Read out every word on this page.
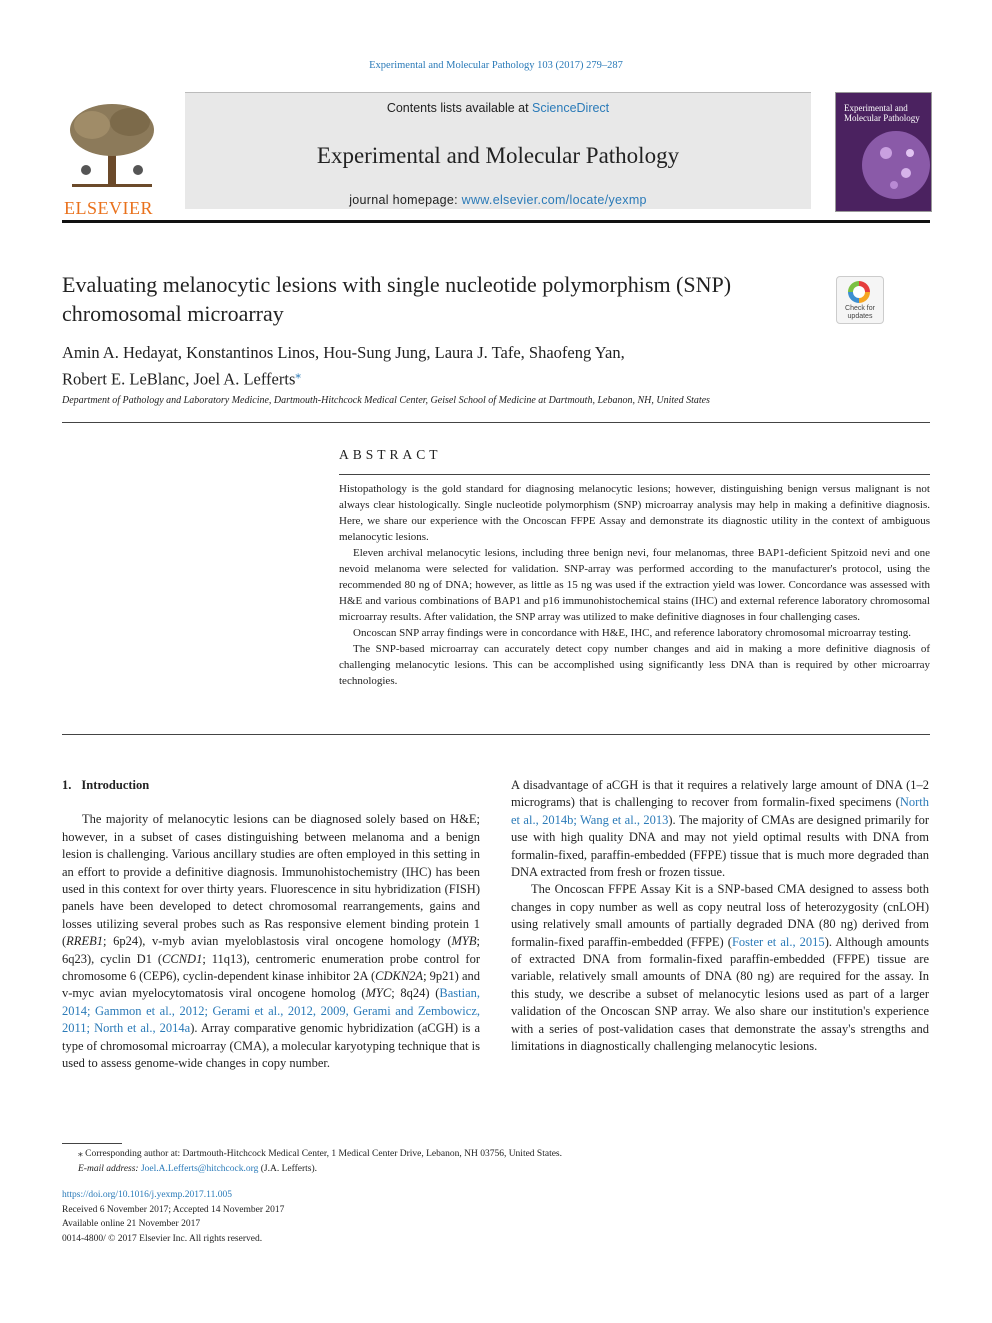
Experimental and Molecular Pathology 103 (2017) 279–287
ELSEVIER
Contents lists available at ScienceDirect
Experimental and Molecular Pathology
journal homepage: www.elsevier.com/locate/yexmp
Experimental and Molecular Pathology
Evaluating melanocytic lesions with single nucleotide polymorphism (SNP) chromosomal microarray	Check for updates
Amin A. Hedayat, Konstantinos Linos, Hou-Sung Jung, Laura J. Tafe, Shaofeng Yan,
Robert E. LeBlanc, Joel A. Lefferts⁎
Department of Pathology and Laboratory Medicine, Dartmouth-Hitchcock Medical Center, Geisel School of Medicine at Dartmouth, Lebanon, NH, United States
ABSTRACT

Histopathology is the gold standard for diagnosing melanocytic lesions; however, distinguishing benign versus malignant is not always clear histologically. Single nucleotide polymorphism (SNP) microarray analysis may help in making a definitive diagnosis. Here, we share our experience with the Oncoscan FFPE Assay and demonstrate its diagnostic utility in the context of ambiguous melanocytic lesions.

Eleven archival melanocytic lesions, including three benign nevi, four melanomas, three BAP1-deficient Spitzoid nevi and one nevoid melanoma were selected for validation. SNP-array was performed according to the manufacturer's protocol, using the recommended 80 ng of DNA; however, as little as 15 ng was used if the extraction yield was lower. Concordance was assessed with H&E and various combinations of BAP1 and p16 immunohistochemical stains (IHC) and external reference laboratory chromosomal microarray results. After validation, the SNP array was utilized to make definitive diagnoses in four challenging cases.

Oncoscan SNP array findings were in concordance with H&E, IHC, and reference laboratory chromosomal microarray testing.

The SNP-based microarray can accurately detect copy number changes and aid in making a more definitive diagnosis of challenging melanocytic lesions. This can be accomplished using significantly less DNA than is required by other microarray technologies.

1. Introduction

The majority of melanocytic lesions can be diagnosed solely based on H&E; however, in a subset of cases distinguishing between melanoma and a benign lesion is challenging. Various ancillary studies are often employed in this setting in an effort to provide a definitive diagnosis. Immunohistochemistry (IHC) has been used in this context for over thirty years. Fluorescence in situ hybridization (FISH) panels have been developed to detect chromosomal rearrangements, gains and losses utilizing several probes such as Ras responsive element binding protein 1 (RREB1; 6p24), v-myb avian myeloblastosis viral oncogene homology (MYB; 6q23), cyclin D1 (CCND1; 11q13), centromeric enumeration probe control for chromosome 6 (CEP6), cyclin-dependent kinase inhibitor 2A (CDKN2A; 9p21) and v-myc avian myelocytomatosis viral oncogene homolog (MYC; 8q24) (Bastian, 2014; Gammon et al., 2012; Gerami et al., 2012, 2009, Gerami and Zembowicz, 2011; North et al., 2014a). Array comparative genomic hybridization (aCGH) is a type of chromosomal microarray (CMA), a molecular karyotyping technique that is used to assess genome-wide changes in copy number.

A disadvantage of aCGH is that it requires a relatively large amount of DNA (1–2 micrograms) that is challenging to recover from formalin-fixed specimens (North et al., 2014b; Wang et al., 2013). The majority of CMAs are designed primarily for use with high quality DNA and may not yield optimal results with DNA from formalin-fixed, paraffin-embedded (FFPE) tissue that is much more degraded than DNA extracted from fresh or frozen tissue.

The Oncoscan FFPE Assay Kit is a SNP-based CMA designed to assess both changes in copy number as well as copy neutral loss of heterozygosity (cnLOH) using relatively small amounts of partially degraded DNA (80 ng) derived from formalin-fixed paraffin-embedded (FFPE) (Foster et al., 2015). Although amounts of extracted DNA from formalin-fixed paraffin-embedded (FFPE) tissue are variable, relatively small amounts of DNA (80 ng) are required for the assay. In this study, we describe a subset of melanocytic lesions used as part of a larger validation of the Oncoscan SNP array. We also share our institution's experience with a series of post-validation cases that demonstrate the assay's strengths and limitations in diagnostically challenging melanocytic lesions.

⁎ Corresponding author at: Dartmouth-Hitchcock Medical Center, 1 Medical Center Drive, Lebanon, NH 03756, United States.
E-mail address: Joel.A.Lefferts@hitchcock.org (J.A. Lefferts).
https://doi.org/10.1016/j.yexmp.2017.11.005
Received 6 November 2017; Accepted 14 November 2017
Available online 21 November 2017
0014-4800/ © 2017 Elsevier Inc. All rights reserved.
